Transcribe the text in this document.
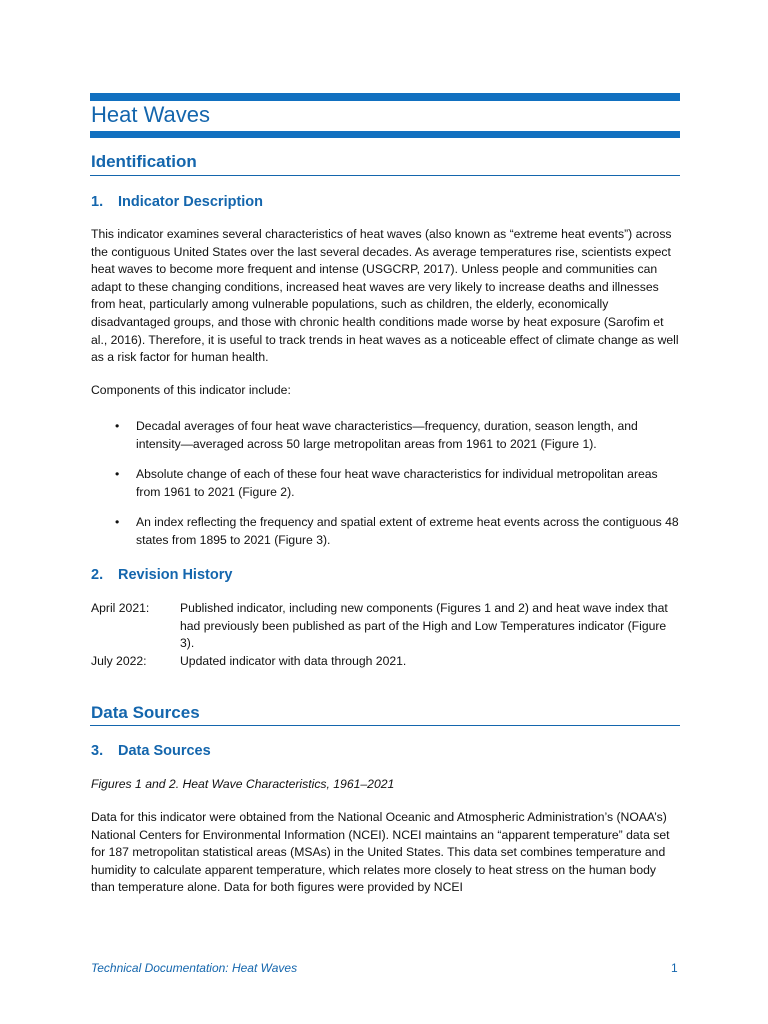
Heat Waves
Identification
1. Indicator Description

This indicator examines several characteristics of heat waves (also known as “extreme heat events”) across the contiguous United States over the last several decades. As average temperatures rise, scientists expect heat waves to become more frequent and intense (USGCRP, 2017). Unless people and communities can adapt to these changing conditions, increased heat waves are very likely to increase deaths and illnesses from heat, particularly among vulnerable populations, such as children, the elderly, economically disadvantaged groups, and those with chronic health conditions made worse by heat exposure (Sarofim et al., 2016). Therefore, it is useful to track trends in heat waves as a noticeable effect of climate change as well as a risk factor for human health.

Components of this indicator include:

• Decadal averages of four heat wave characteristics—frequency, duration, season length, and intensity—averaged across 50 large metropolitan areas from 1961 to 2021 (Figure 1).
• Absolute change of each of these four heat wave characteristics for individual metropolitan areas from 1961 to 2021 (Figure 2).
• An index reflecting the frequency and spatial extent of extreme heat events across the contiguous 48 states from 1895 to 2021 (Figure 3).
2. Revision History
April 2021:	Published indicator, including new components (Figures 1 and 2) and heat wave index that had previously been published as part of the High and Low Temperatures indicator (Figure 3).
July 2022:	Updated indicator with data through 2021.
Data Sources
3. Data Sources
Figures 1 and 2. Heat Wave Characteristics, 1961–2021

Data for this indicator were obtained from the National Oceanic and Atmospheric Administration’s (NOAA’s) National Centers for Environmental Information (NCEI). NCEI maintains an “apparent temperature” data set for 187 metropolitan statistical areas (MSAs) in the United States. This data set combines temperature and humidity to calculate apparent temperature, which relates more closely to heat stress on the human body than temperature alone. Data for both figures were provided by NCEI

Technical Documentation: Heat Waves	1
